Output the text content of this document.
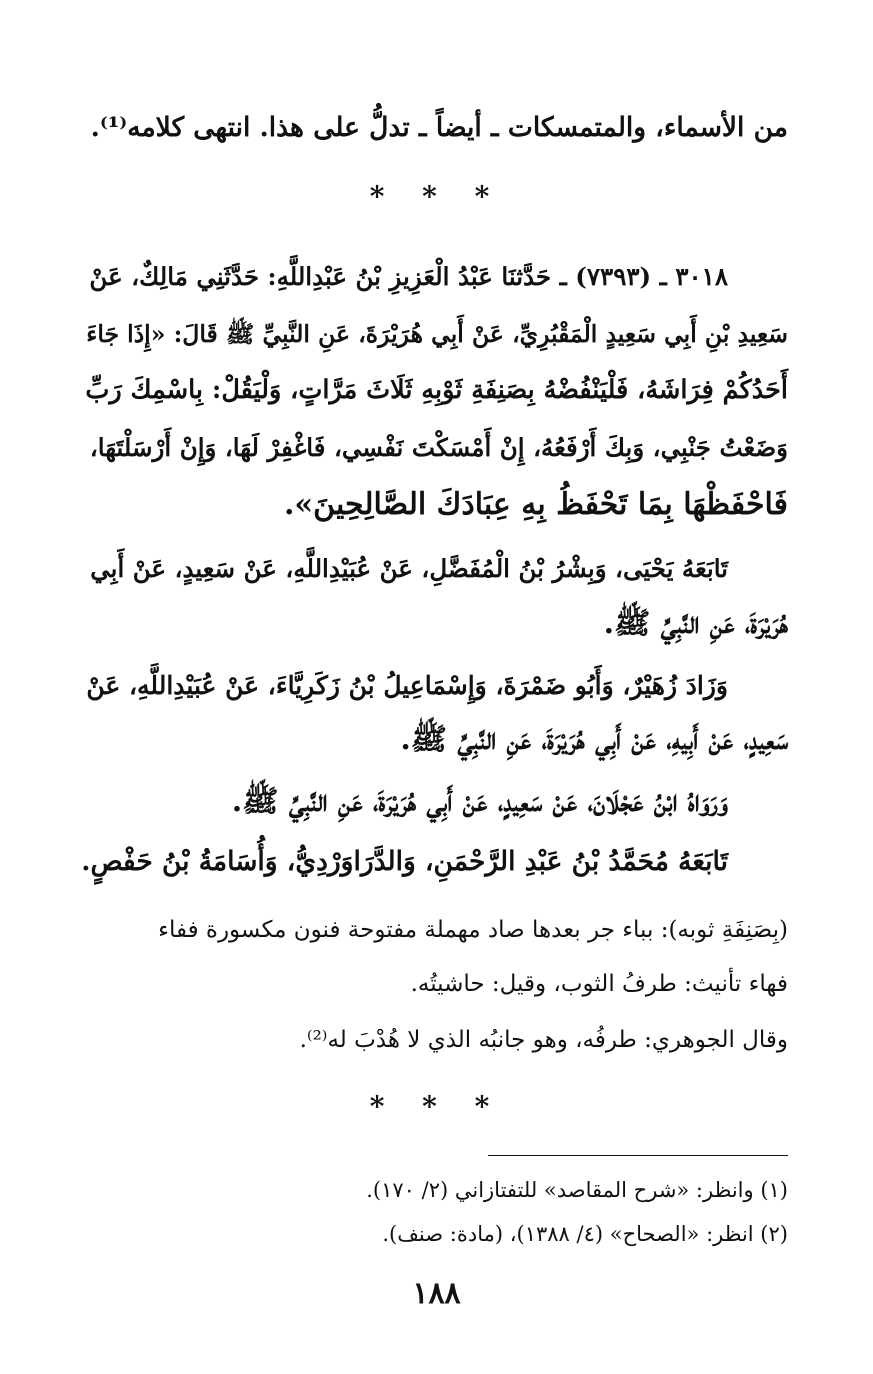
من الأسماء، والمتمسكات ـ أيضاً ـ تدلُّ على هذا. انتهى كلامه⁽¹⁾.
* * *
٣٠١٨ ـ (٧٣٩٣) ـ حَدَّثنَا عَبْدُ الْعَزِيزِ بْنُ عَبْدِاللَّهِ: حَدَّثَنِي مَالِكٌ، عَنْ
سَعِيدِ بْنِ أَبِي سَعِيدٍ الْمَقْبُرِيِّ، عَنْ أَبِي هُرَيْرَةَ، عَنِ النَّبِيِّ ﷺ قَالَ: «إِذَا جَاءَ
أَحَدُكُمْ فِرَاشَهُ، فَلْيَنْفُضْهُ بِصَنِفَةِ ثَوْبِهِ ثَلَاثَ مَرَّاتٍ، وَلْيَقُلْ: بِاسْمِكَ رَبِّ
وَضَعْتُ جَنْبِي، وَبِكَ أَرْفَعُهُ، إِنْ أَمْسَكْتَ نَفْسِي، فَاغْفِرْ لَهَا، وَإِنْ أَرْسَلْتَهَا،
فَاحْفَظْهَا بِمَا تَحْفَظُ بِهِ عِبَادَكَ الصَّالِحِينَ».
تَابَعَهُ يَحْيَى، وَبِشْرُ بْنُ الْمُفَضَّلِ، عَنْ عُبَيْدِاللَّهِ، عَنْ سَعِيدٍ، عَنْ أَبِي
هُرَيْرَةَ، عَنِ النَّبِيِّ ﷺ.
وَزَادَ زُهَيْرٌ، وَأَبُو ضَمْرَةَ، وَإِسْمَاعِيلُ بْنُ زَكَرِيَّاءَ، عَنْ عُبَيْدِاللَّهِ، عَنْ
سَعِيدٍ، عَنْ أَبِيهِ، عَنْ أَبِي هُرَيْرَةَ، عَنِ النَّبِيِّ ﷺ.
وَرَوَاهُ ابْنُ عَجْلَانَ، عَنْ سَعِيدٍ، عَنْ أَبِي هُرَيْرَةَ، عَنِ النَّبِيِّ ﷺ.
تَابَعَهُ مُحَمَّدُ بْنُ عَبْدِ الرَّحْمَنِ، وَالدَّرَاوَرْدِيُّ، وَأُسَامَةُ بْنُ حَفْصٍ.
(بِصَنِفَةِ ثوبه): بباء جر بعدها صاد مهملة مفتوحة فنون مكسورة ففاء
فهاء تأنيث: طرفُ الثوب، وقيل: حاشيتُه.
وقال الجوهري: طرفُه، وهو جانبُه الذي لا هُدْبَ له⁽²⁾.
* * *
(١) وانظر: «شرح المقاصد» للتفتازاني (٢/ ١٧٠).
(٢) انظر: «الصحاح» (٤/ ١٣٨٨)، (مادة: صنف).
١٨٨
